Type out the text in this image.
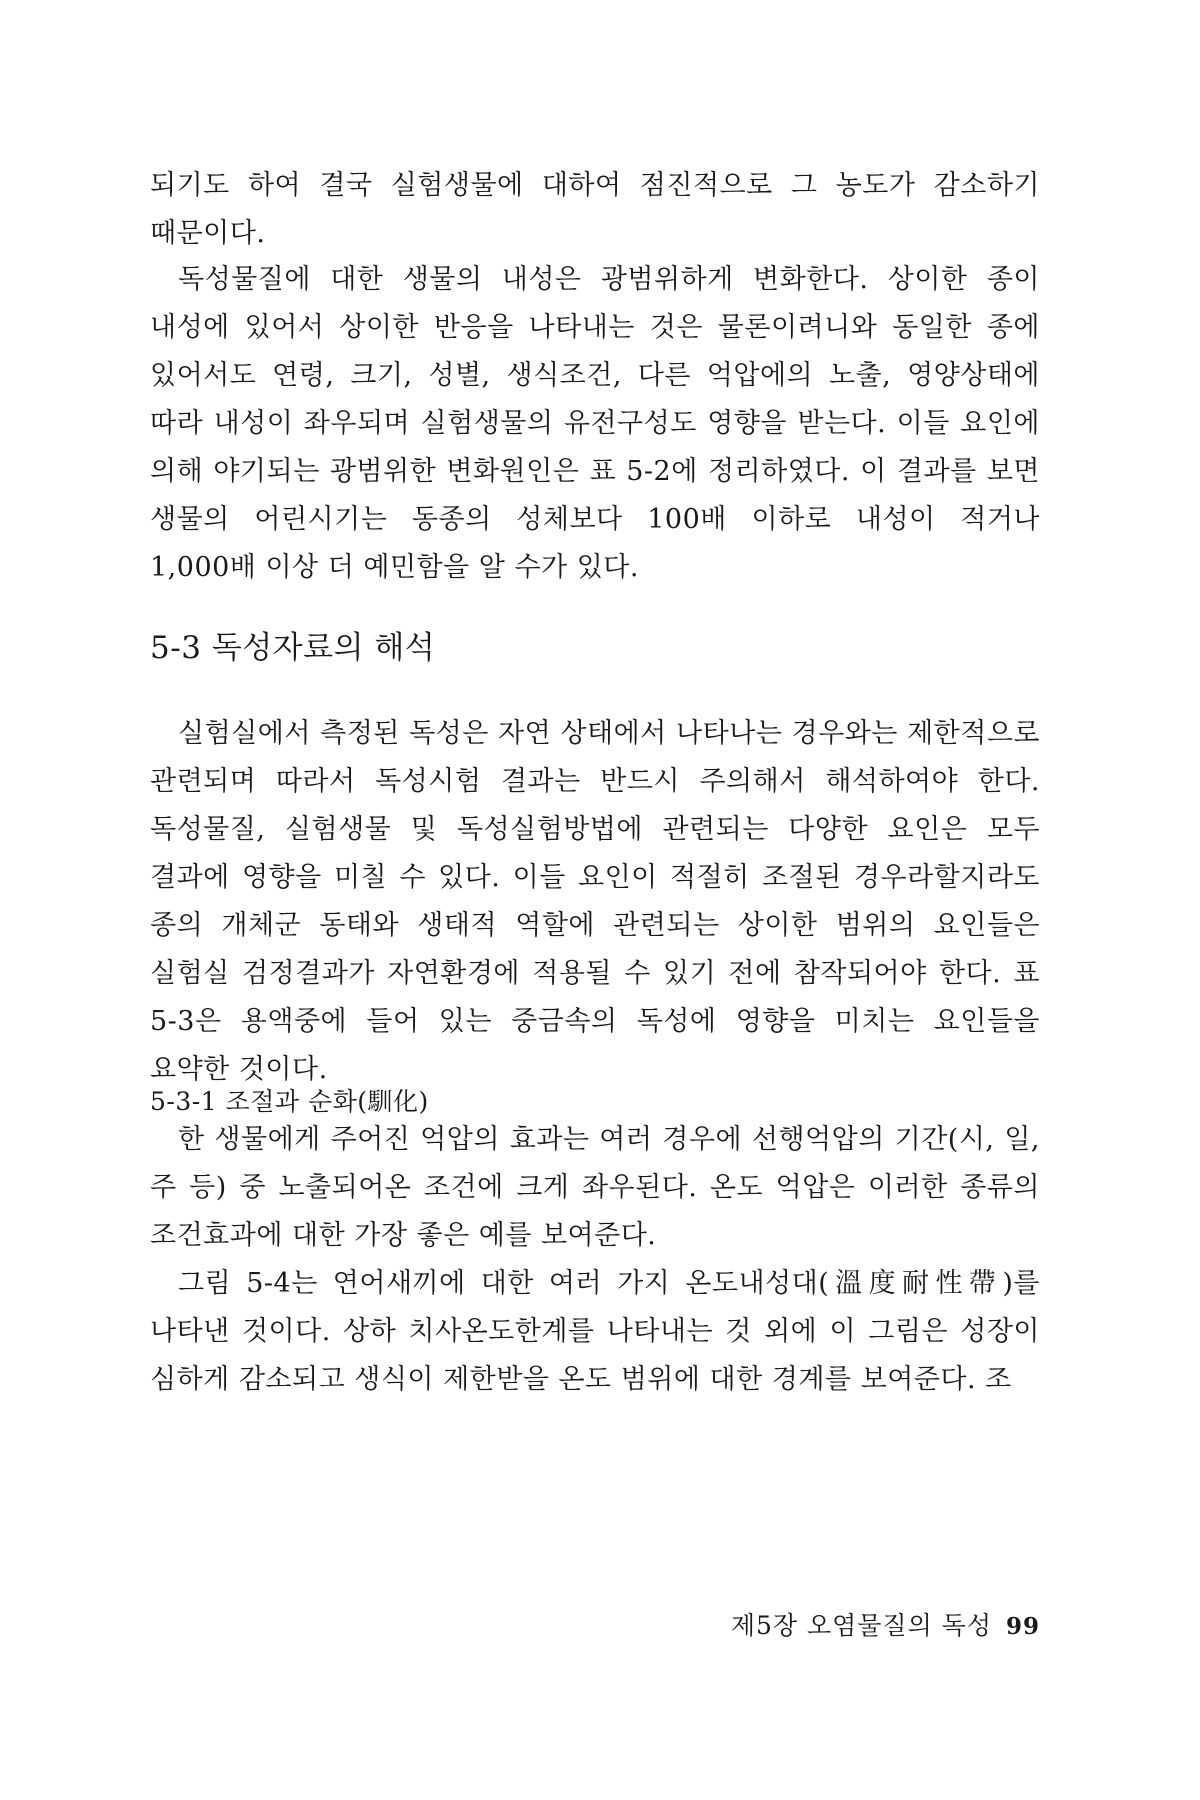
되기도 하여 결국 실험생물에 대하여 점진적으로 그 농도가 감소하기 때문이다.

독성물질에 대한 생물의 내성은 광범위하게 변화한다. 상이한 종이 내성에 있어서 상이한 반응을 나타내는 것은 물론이려니와 동일한 종에 있어서도 연령, 크기, 성별, 생식조건, 다른 억압에의 노출, 영양상태에 따라 내성이 좌우되며 실험생물의 유전구성도 영향을 받는다. 이들 요인에 의해 야기되는 광범위한 변화원인은 표 5-2에 정리하였다. 이 결과를 보면 생물의 어린시기는 동종의 성체보다 100배 이하로 내성이 적거나 1,000배 이상 더 예민함을 알 수가 있다.

5-3 독성자료의 해석

실험실에서 측정된 독성은 자연 상태에서 나타나는 경우와는 제한적으로 관련되며 따라서 독성시험 결과는 반드시 주의해서 해석하여야 한다. 독성물질, 실험생물 및 독성실험방법에 관련되는 다양한 요인은 모두 결과에 영향을 미칠 수 있다. 이들 요인이 적절히 조절된 경우라할지라도 종의 개체군 동태와 생태적 역할에 관련되는 상이한 범위의 요인들은 실험실 검정결과가 자연환경에 적용될 수 있기 전에 참작되어야 한다. 표 5-3은 용액중에 들어 있는 중금속의 독성에 영향을 미치는 요인들을 요약한 것이다.

5-3-1 조절과 순화(馴化)

한 생물에게 주어진 억압의 효과는 여러 경우에 선행억압의 기간(시, 일, 주 등) 중 노출되어온 조건에 크게 좌우된다. 온도 억압은 이러한 종류의 조건효과에 대한 가장 좋은 예를 보여준다.

그림 5-4는 연어새끼에 대한 여러 가지 온도내성대(溫度耐性帶)를 나타낸 것이다. 상하 치사온도한계를 나타내는 것 외에 이 그림은 성장이 심하게 감소되고 생식이 제한받을 온도 범위에 대한 경계를 보여준다. 조

제5장 오염물질의 독성 99
